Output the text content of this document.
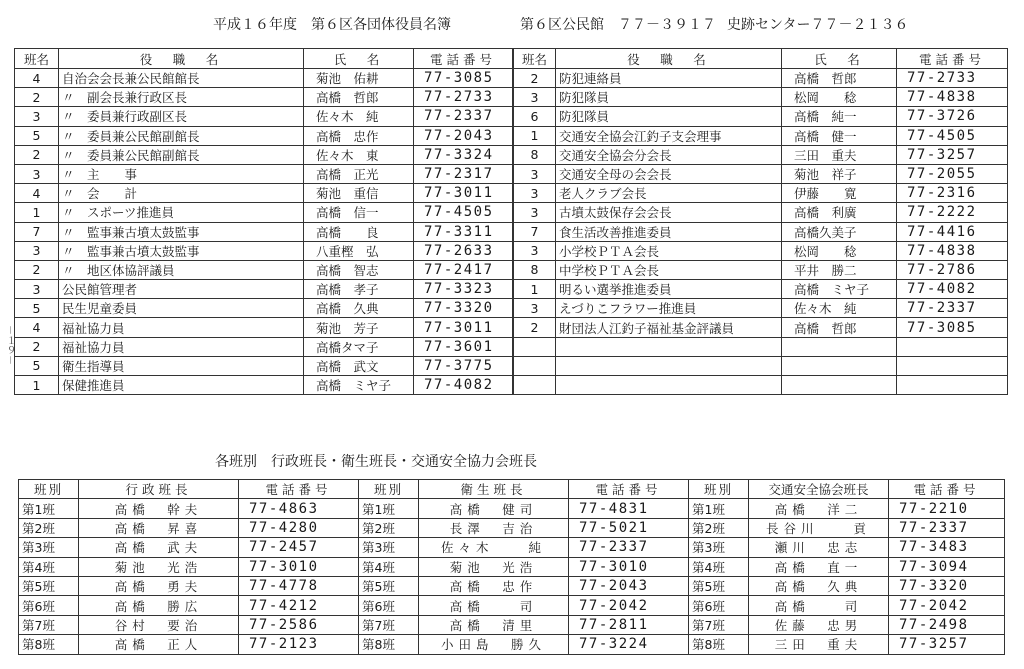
平成１６年度　第６区各団体役員名簿	第６区公民館　７７－３９１７ 史跡センター７７－２１３６
－１９－
班名	役　職　名	氏　名	電話番号
4	自治会会長兼公民館館長	菊池　佑耕	77-3085
2	〃　副会長兼行政区長	高橋　哲郎	77-2733
3	〃　委員兼行政副区長	佐々木　純	77-2337
5	〃　委員兼公民館副館長	高橋　忠作	77-2043
2	〃　委員兼公民館副館長	佐々木　東	77-3324
3	〃　主　　事	高橋　正光	77-2317
4	〃　会　　計	菊池　重信	77-3011
1	〃　スポーツ推進員	高橋　信一	77-4505
7	〃　監事兼古墳太鼓監事	高橋　　良	77-3311
3	〃　監事兼古墳太鼓監事	八重樫　弘	77-2633
2	〃　地区体協評議員	高橋　智志	77-2417
3	公民館管理者	高橋　孝子	77-3323
5	民生児童委員	高橋　久典	77-3320
4	福祉協力員	菊池　芳子	77-3011
2	福祉協力員	高橋タマ子	77-3601
5	衛生指導員	高橋　武文	77-3775
1	保健推進員	高橋　ミヤ子	77-4082
班名	役　職　名	氏　名	電話番号
2	防犯連絡員	高橋　哲郎	77-2733
3	防犯隊員	松岡　　稔	77-4838
6	防犯隊員	高橋　純一	77-3726
1	交通安全協会江釣子支会理事	高橋　健一	77-4505
8	交通安全協会分会長	三田　重夫	77-3257
3	交通安全母の会会長	菊池　祥子	77-2055
3	老人クラブ会長	伊藤　　寛	77-2316
3	古墳太鼓保存会会長	高橋　利廣	77-2222
7	食生活改善推進委員	高橋久美子	77-4416
3	小学校ＰＴＡ会長	松岡　　稔	77-4838
8	中学校ＰＴＡ会長	平井　勝二	77-2786
1	明るい選挙推進委員	高橋　ミヤ子	77-4082
3	えづりこフラワー推進員	佐々木　純	77-2337
2	財団法人江釣子福祉基金評議員	高橋　哲郎	77-3085

各班別　行政班長・衛生班長・交通安全協力会班長
班別	行政班長	電話番号	班別	衛生班長	電話番号	班別	交通安全協会班長	電話番号
第1班	高橋　幹夫	77-4863	第1班	高橋　健司	77-4831	第1班	高橋　洋二	77-2210
第2班	高橋　昇喜	77-4280	第2班	長澤　吉治	77-5021	第2班	長谷川　　貢	77-2337
第3班	高橋　武夫	77-2457	第3班	佐々木　　純	77-2337	第3班	瀬川　忠志	77-3483
第4班	菊池　光浩	77-3010	第4班	菊池　光浩	77-3010	第4班	高橋　直一	77-3094
第5班	高橋　勇夫	77-4778	第5班	高橋　忠作	77-2043	第5班	高橋　久典	77-3320
第6班	高橋　勝広	77-4212	第6班	高橋　　司	77-2042	第6班	高橋　　司	77-2042
第7班	谷村　要治	77-2586	第7班	高橋　清里	77-2811	第7班	佐藤　忠男	77-2498
第8班	高橋　正人	77-2123	第8班	小田島　勝久	77-3224	第8班	三田　重夫	77-3257
